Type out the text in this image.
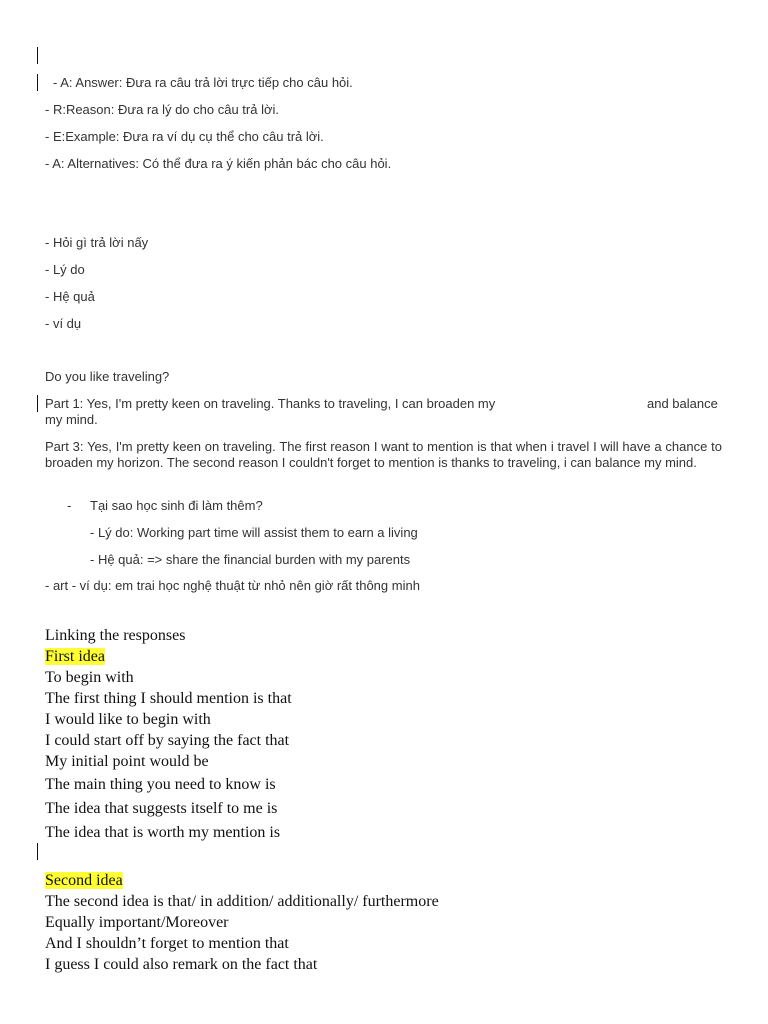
- A: Answer: Đưa ra câu trả lời trực tiếp cho câu hỏi.
- R:Reason: Đưa ra lý do cho câu trả lời.
- E:Example: Đưa ra ví dụ cụ thể cho câu trả lời.
- A: Alternatives: Có thể đưa ra ý kiến phản bác cho câu hỏi.
- Hỏi gì trả lời nấy
- Lý do
- Hệ quả
- ví dụ
Do you like traveling?
Part 1: Yes, I'm pretty keen on traveling. Thanks to traveling, I can broaden my	and balance
my mind.
Part 3: Yes, I'm pretty keen on traveling. The first reason I want to mention is that when i travel I will have a chance to broaden my horizon. The second reason I couldn't forget to mention is thanks to traveling, i can balance my mind.
- Tại sao học sinh đi làm thêm?
- Lý do: Working part time will assist them to earn a living
- Hệ quả: => share the financial burden with my parents
- art - ví dụ: em trai học nghệ thuật từ nhỏ nên giờ rất thông minh
Linking the responses
First idea
To begin with
The first thing I should mention is that
I would like to begin with
I could start off by saying the fact that
My initial point would be
The main thing you need to know is
The idea that suggests itself to me is
The idea that is worth my mention is
Second idea
The second idea is that/ in addition/ additionally/ furthermore
Equally important/Moreover
And I shouldn’t forget to mention that
I guess I could also remark on the fact that
